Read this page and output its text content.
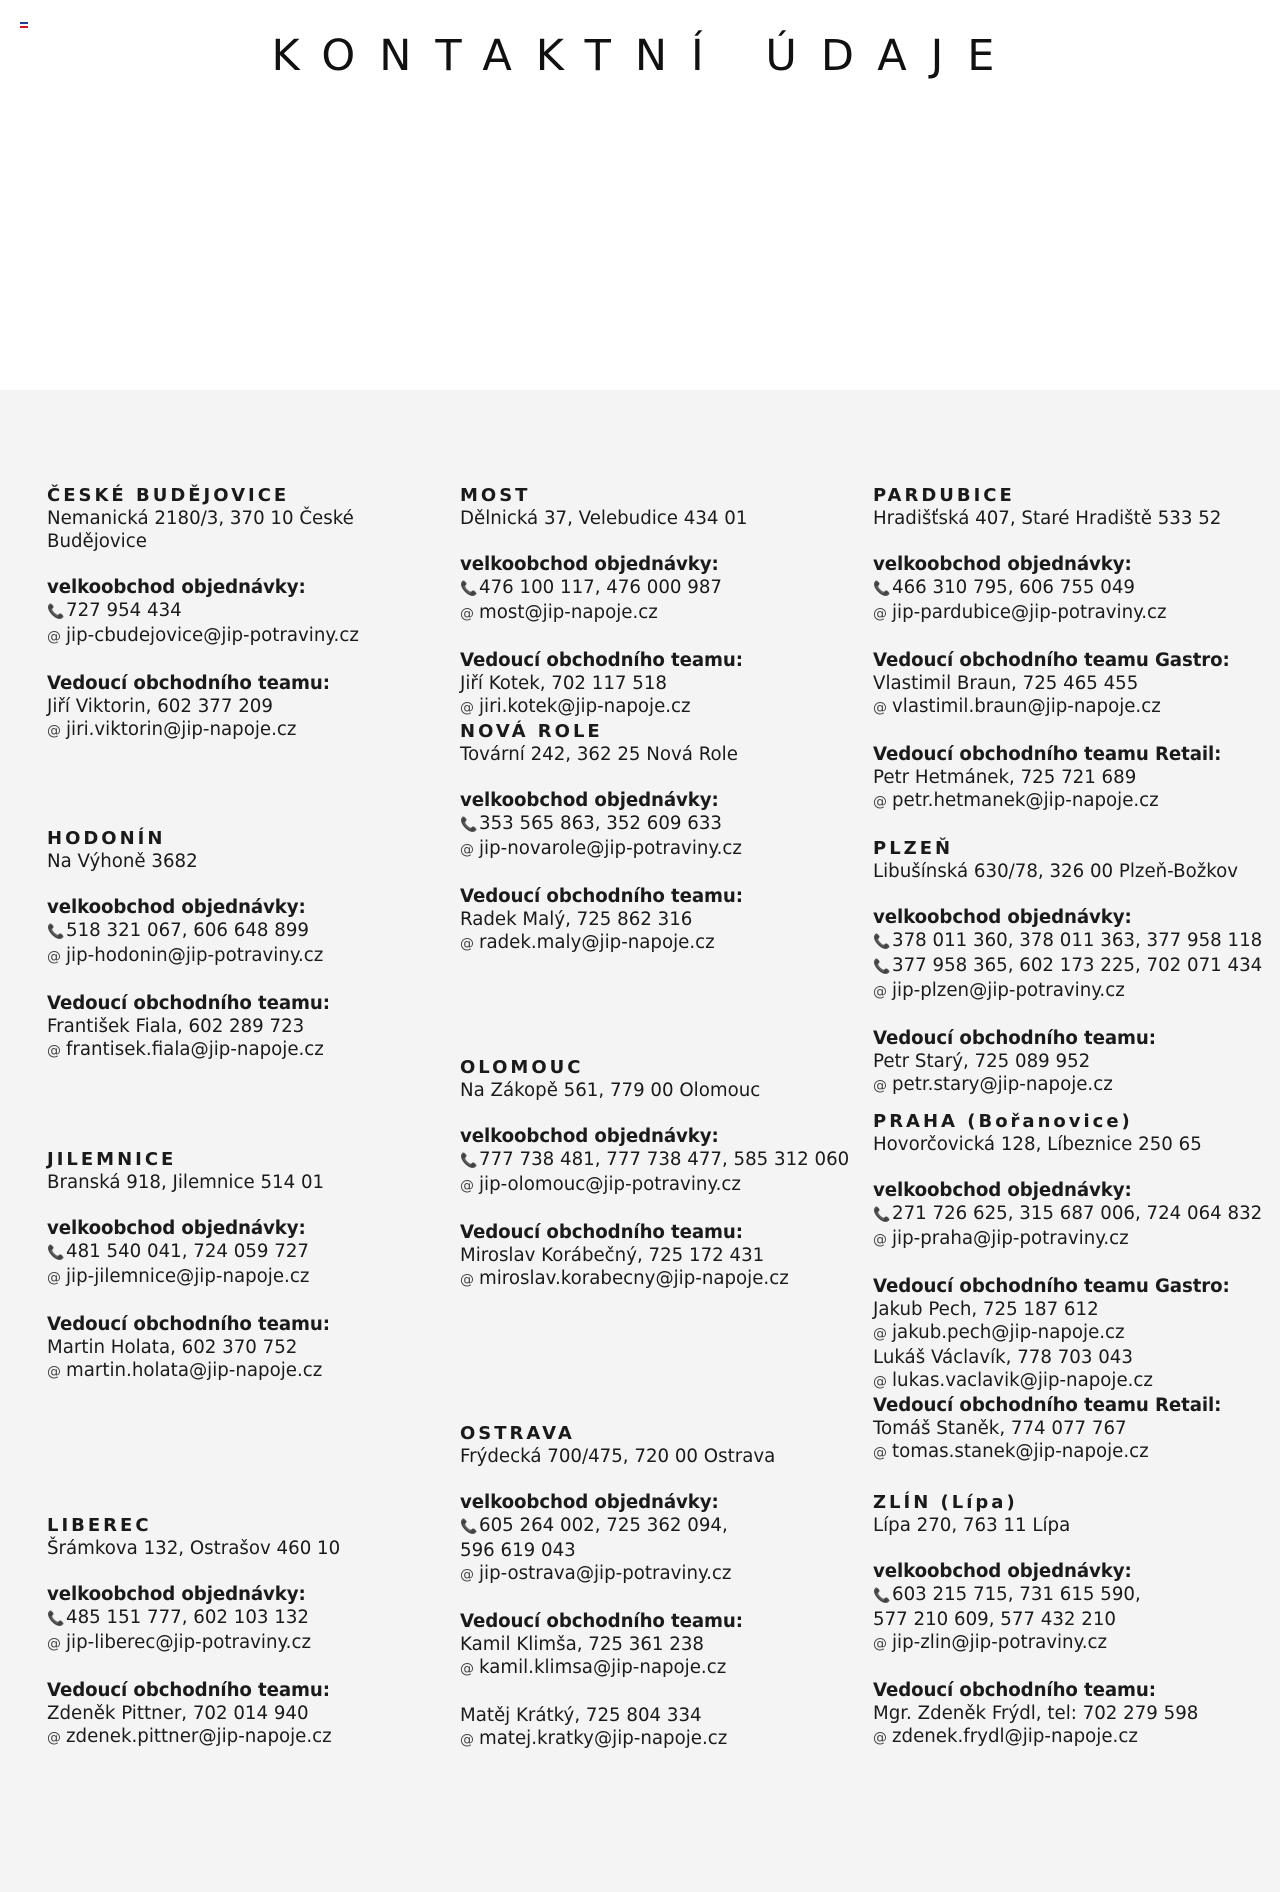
KONTAKTNÍ ÚDAJE
ČESKÉ BUDĚJOVICE
Nemanická 2180/3, 370 10 České Budějovice
velkoobchod objednávky:
📞727 954 434
@ jip-cbudejovice@jip-potraviny.cz
Vedoucí obchodního teamu:
Jiří Viktorin, 602 377 209
@ jiri.viktorin@jip-napoje.cz
HODONÍN
Na Výhoně 3682
velkoobchod objednávky:
📞518 321 067, 606 648 899
@ jip-hodonin@jip-potraviny.cz
Vedoucí obchodního teamu:
František Fiala, 602 289 723
@ frantisek.fiala@jip-napoje.cz
JILEMNICE
Branská 918, Jilemnice 514 01
velkoobchod objednávky:
📞481 540 041, 724 059 727
@ jip-jilemnice@jip-napoje.cz
Vedoucí obchodního teamu:
Martin Holata, 602 370 752
@ martin.holata@jip-napoje.cz
LIBEREC
Šrámkova 132, Ostrašov 460 10
velkoobchod objednávky:
📞485 151 777, 602 103 132
@ jip-liberec@jip-potraviny.cz
Vedoucí obchodního teamu:
Zdeněk Pittner, 702 014 940
@ zdenek.pittner@jip-napoje.cz
MOST
Dělnická 37, Velebudice 434 01
velkoobchod objednávky:
📞476 100 117, 476 000 987
@ most@jip-napoje.cz
Vedoucí obchodního teamu:
Jiří Kotek, 702 117 518
@ jiri.kotek@jip-napoje.cz
NOVÁ ROLE
Tovární 242, 362 25 Nová Role
velkoobchod objednávky:
📞353 565 863, 352 609 633
@ jip-novarole@jip-potraviny.cz
Vedoucí obchodního teamu:
Radek Malý, 725 862 316
@ radek.maly@jip-napoje.cz
OLOMOUC
Na Zákopě 561, 779 00 Olomouc
velkoobchod objednávky:
📞777 738 481, 777 738 477, 585 312 060
@ jip-olomouc@jip-potraviny.cz
Vedoucí obchodního teamu:
Miroslav Korábečný, 725 172 431
@ miroslav.korabecny@jip-napoje.cz
OSTRAVA
Frýdecká 700/475, 720 00 Ostrava
velkoobchod objednávky:
📞605 264 002, 725 362 094, 596 619 043
@ jip-ostrava@jip-potraviny.cz
Vedoucí obchodního teamu:
Kamil Klimša, 725 361 238
@ kamil.klimsa@jip-napoje.cz
Matěj Krátký, 725 804 334
@ matej.kratky@jip-napoje.cz
PARDUBICE
Hradišťská 407, Staré Hradiště 533 52
velkoobchod objednávky:
📞466 310 795, 606 755 049
@ jip-pardubice@jip-potraviny.cz
Vedoucí obchodního teamu Gastro:
Vlastimil Braun, 725 465 455
@ vlastimil.braun@jip-napoje.cz
Vedoucí obchodního teamu Retail:
Petr Hetmánek, 725 721 689
@ petr.hetmanek@jip-napoje.cz
PLZEŇ
Libušínská 630/78, 326 00 Plzeň-Božkov
velkoobchod objednávky:
📞378 011 360, 378 011 363, 377 958 118
📞377 958 365, 602 173 225, 702 071 434
@ jip-plzen@jip-potraviny.cz
Vedoucí obchodního teamu:
Petr Starý, 725 089 952
@ petr.stary@jip-napoje.cz
PRAHA (Bořanovice)
Hovorčovická 128, Líbeznice 250 65
velkoobchod objednávky:
📞271 726 625, 315 687 006, 724 064 832
@ jip-praha@jip-potraviny.cz
Vedoucí obchodního teamu Gastro:
Jakub Pech, 725 187 612
@ jakub.pech@jip-napoje.cz
Lukáš Václavík, 778 703 043
@ lukas.vaclavik@jip-napoje.cz
Vedoucí obchodního teamu Retail:
Tomáš Staněk, 774 077 767
@ tomas.stanek@jip-napoje.cz
ZLÍN (Lípa)
Lípa 270, 763 11 Lípa
velkoobchod objednávky:
📞603 215 715, 731 615 590, 577 210 609, 577 432 210
@ jip-zlin@jip-potraviny.cz
Vedoucí obchodního teamu:
Mgr. Zdeněk Frýdl, tel: 702 279 598
@ zdenek.frydl@jip-napoje.cz
